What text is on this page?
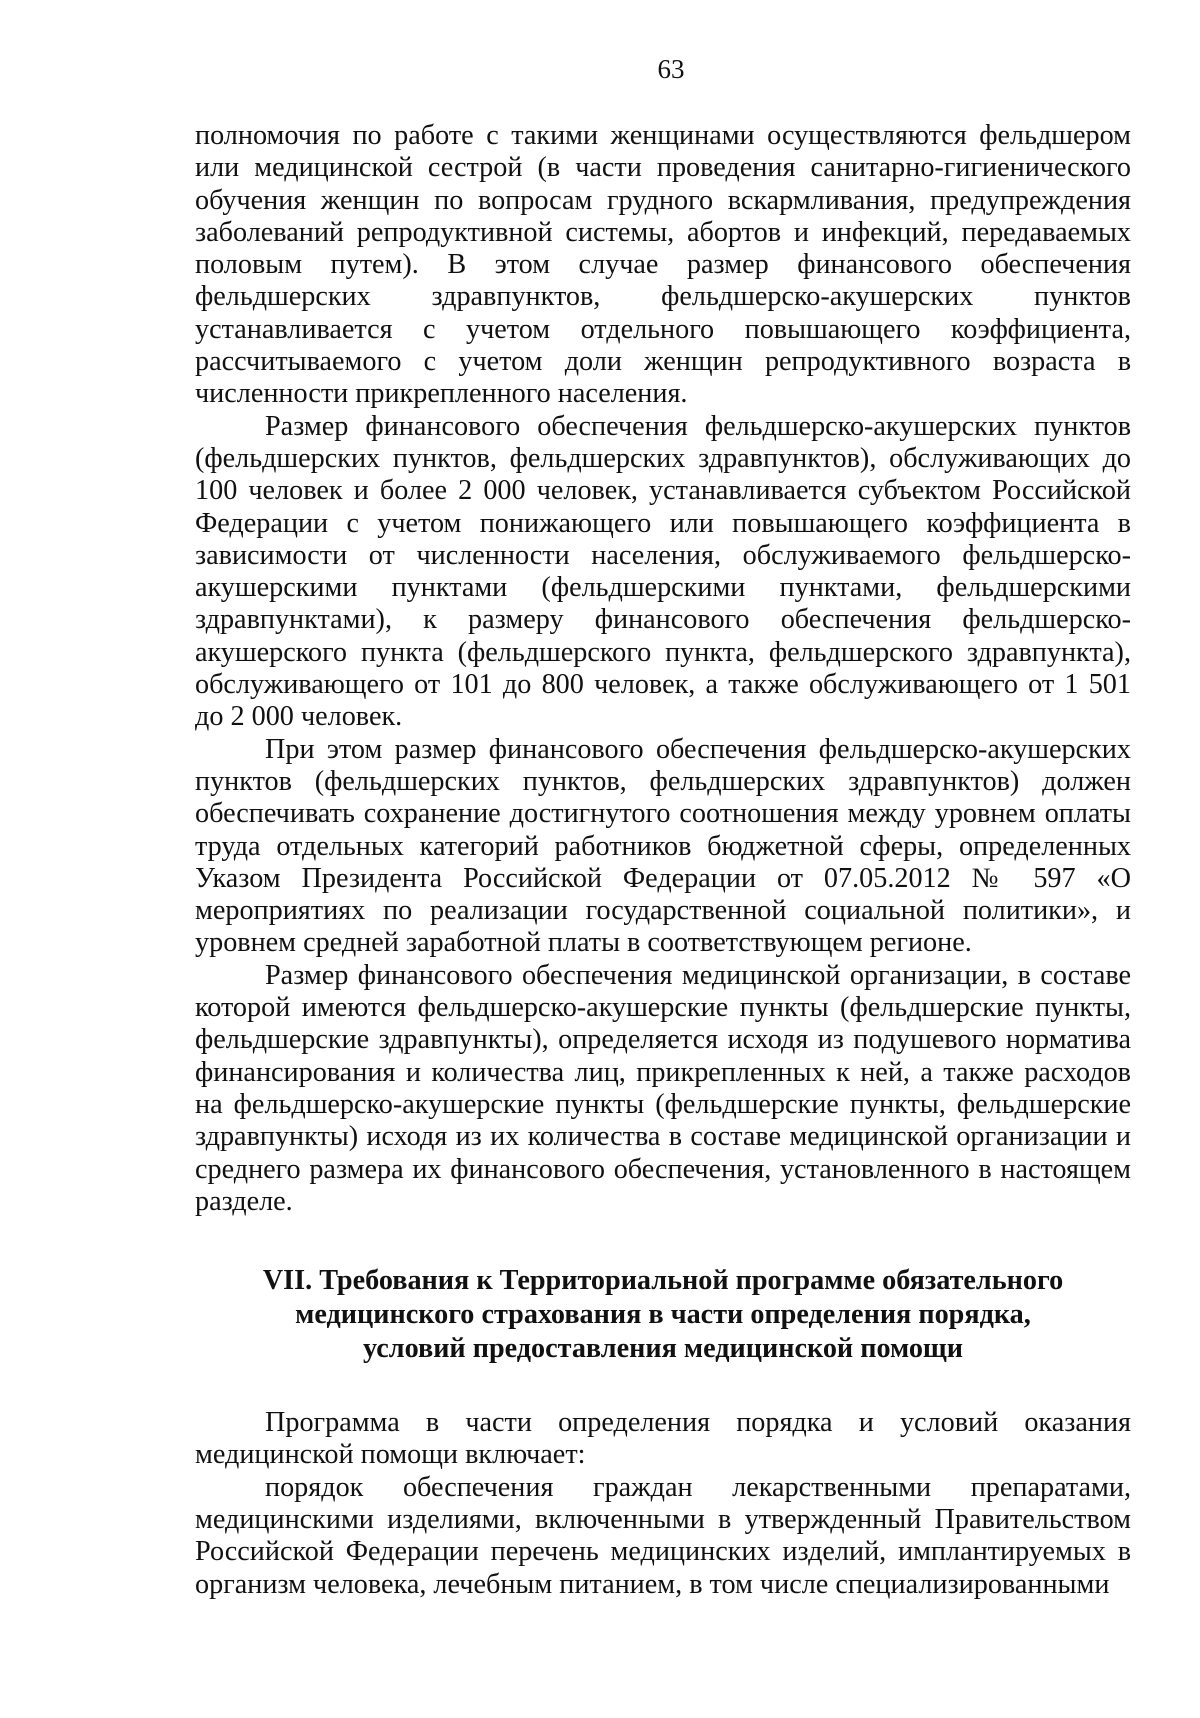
63

полномочия по работе с такими женщинами осуществляются фельдшером или медицинской сестрой (в части проведения санитарно-гигиенического обучения женщин по вопросам грудного вскармливания, предупреждения заболеваний репродуктивной системы, абортов и инфекций, передаваемых половым путем). В этом случае размер финансового обеспечения фельдшерских здравпунктов, фельдшерско-акушерских пунктов устанавливается с учетом отдельного повышающего коэффициента, рассчитываемого с учетом доли женщин репродуктивного возраста в численности прикрепленного населения.

Размер финансового обеспечения фельдшерско-акушерских пунктов (фельдшерских пунктов, фельдшерских здравпунктов), обслуживающих до 100 человек и более 2 000 человек, устанавливается субъектом Российской Федерации с учетом понижающего или повышающего коэффициента в зависимости от численности населения, обслуживаемого фельдшерско-акушерскими пунктами (фельдшерскими пунктами, фельдшерскими здравпунктами), к размеру финансового обеспечения фельдшерско-акушерского пункта (фельдшерского пункта, фельдшерского здравпункта), обслуживающего от 101 до 800 человек, а также обслуживающего от 1 501 до 2 000 человек.

При этом размер финансового обеспечения фельдшерско-акушерских пунктов (фельдшерских пунктов, фельдшерских здравпунктов) должен обеспечивать сохранение достигнутого соотношения между уровнем оплаты труда отдельных категорий работников бюджетной сферы, определенных Указом Президента Российской Федерации от 07.05.2012 № 597 «О мероприятиях по реализации государственной социальной политики», и уровнем средней заработной платы в соответствующем регионе.

Размер финансового обеспечения медицинской организации, в составе которой имеются фельдшерско-акушерские пункты (фельдшерские пункты, фельдшерские здравпункты), определяется исходя из подушевого норматива финансирования и количества лиц, прикрепленных к ней, а также расходов на фельдшерско-акушерские пункты (фельдшерские пункты, фельдшерские здравпункты) исходя из их количества в составе медицинской организации и среднего размера их финансового обеспечения, установленного в настоящем разделе.

VII. Требования к Территориальной программе обязательного
медицинского страхования в части определения порядка,
условий предоставления медицинской помощи

Программа в части определения порядка и условий оказания медицинской помощи включает:

порядок обеспечения граждан лекарственными препаратами, медицинскими изделиями, включенными в утвержденный Правительством Российской Федерации перечень медицинских изделий, имплантируемых в организм человека, лечебным питанием, в том числе специализированными
